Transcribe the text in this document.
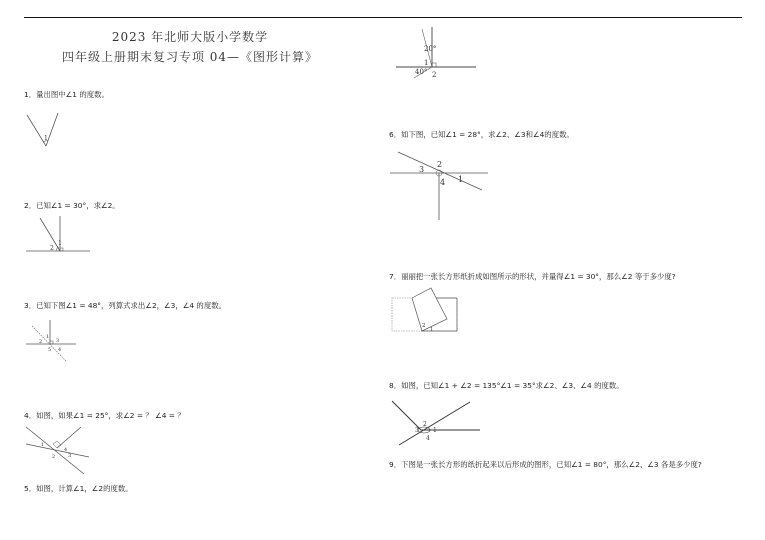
2023 年北师大版小学数学
四年级上册期末复习专项 04—《图形计算》
1．量出图中∠1 的度数。
1
2．已知∠1 = 30°，求∠2。
1
2
3．已知下图∠1 = 48°，列算式求出∠2，∠3，∠4 的度数。
1
2	3
4
5
4．如图，如果∠1 = 25°，求∠2 = ？ ∠4 = ？
1
4
2	3
5．如图，计算∠1，∠2的度数。
20°
1
40° 2
6．如下图，已知∠1 = 28°，求∠2、∠3和∠4的度数。
3
2
1
4
7．丽丽把一张长方形纸折成如图所示的形状，并量得∠1 = 30°，那么∠2 等于多少度?
2
1
8．如图，已知∠1 + ∠2 = 135°∠1 = 35°求∠2、∠3、∠4 的度数。
2
3 1
4
9．下图是一张长方形的纸折起来以后形成的图形，已知∠1 = 80°，那么∠2、∠3 各是多少度?
